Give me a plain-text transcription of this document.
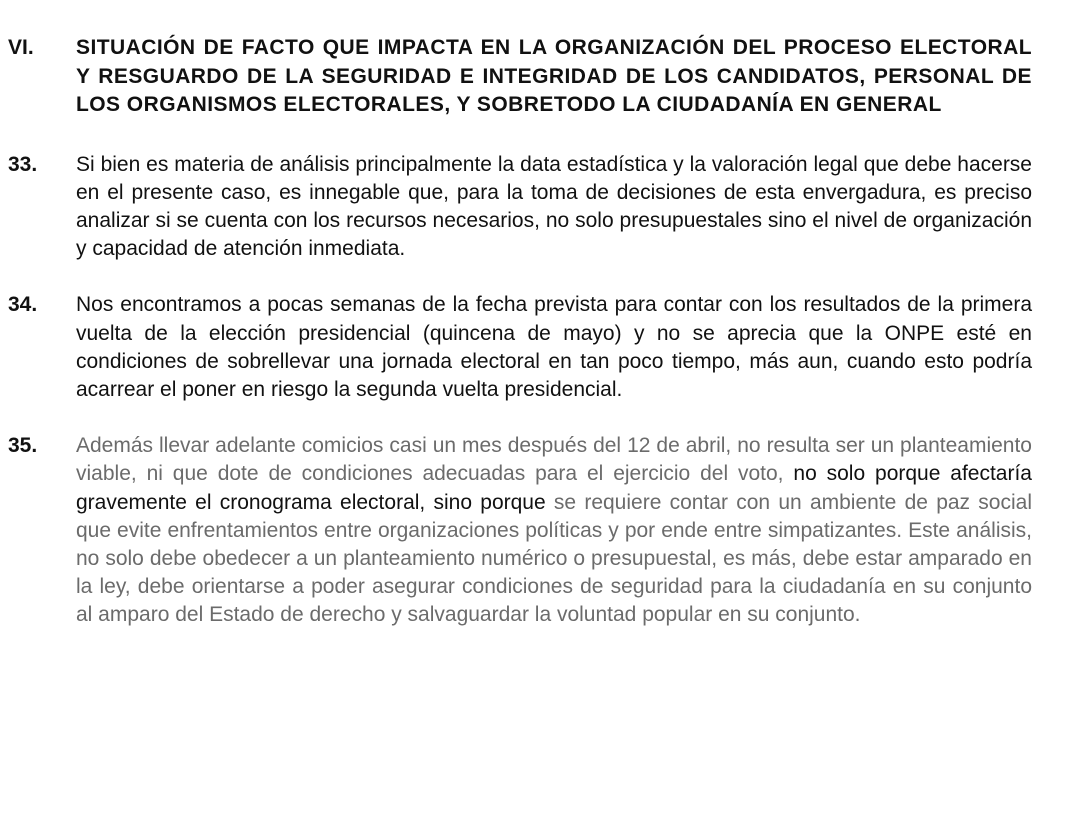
VI.	SITUACIÓN DE FACTO QUE IMPACTA EN LA ORGANIZACIÓN DEL PROCESO ELECTORAL Y RESGUARDO DE LA SEGURIDAD E INTEGRIDAD DE LOS CANDIDATOS, PERSONAL DE LOS ORGANISMOS ELECTORALES, Y SOBRETODO LA CIUDADANÍA EN GENERAL
33.	Si bien es materia de análisis principalmente la data estadística y la valoración legal que debe hacerse en el presente caso, es innegable que, para la toma de decisiones de esta envergadura, es preciso analizar si se cuenta con los recursos necesarios, no solo presupuestales sino el nivel de organización y capacidad de atención inmediata.
34.	Nos encontramos a pocas semanas de la fecha prevista para contar con los resultados de la primera vuelta de la elección presidencial (quincena de mayo) y no se aprecia que la ONPE esté en condiciones de sobrellevar una jornada electoral en tan poco tiempo, más aun, cuando esto podría acarrear el poner en riesgo la segunda vuelta presidencial.
35.	Además llevar adelante comicios casi un mes después del 12 de abril, no resulta ser un planteamiento viable, ni que dote de condiciones adecuadas para el ejercicio del voto, no solo porque afectaría gravemente el cronograma electoral, sino porque se requiere contar con un ambiente de paz social que evite enfrentamientos entre organizaciones políticas y por ende entre simpatizantes. Este análisis, no solo debe obedecer a un planteamiento numérico o presupuestal, es más, debe estar amparado en la ley, debe orientarse a poder asegurar condiciones de seguridad para la ciudadanía en su conjunto al amparo del Estado de derecho y salvaguardar la voluntad popular en su conjunto.
